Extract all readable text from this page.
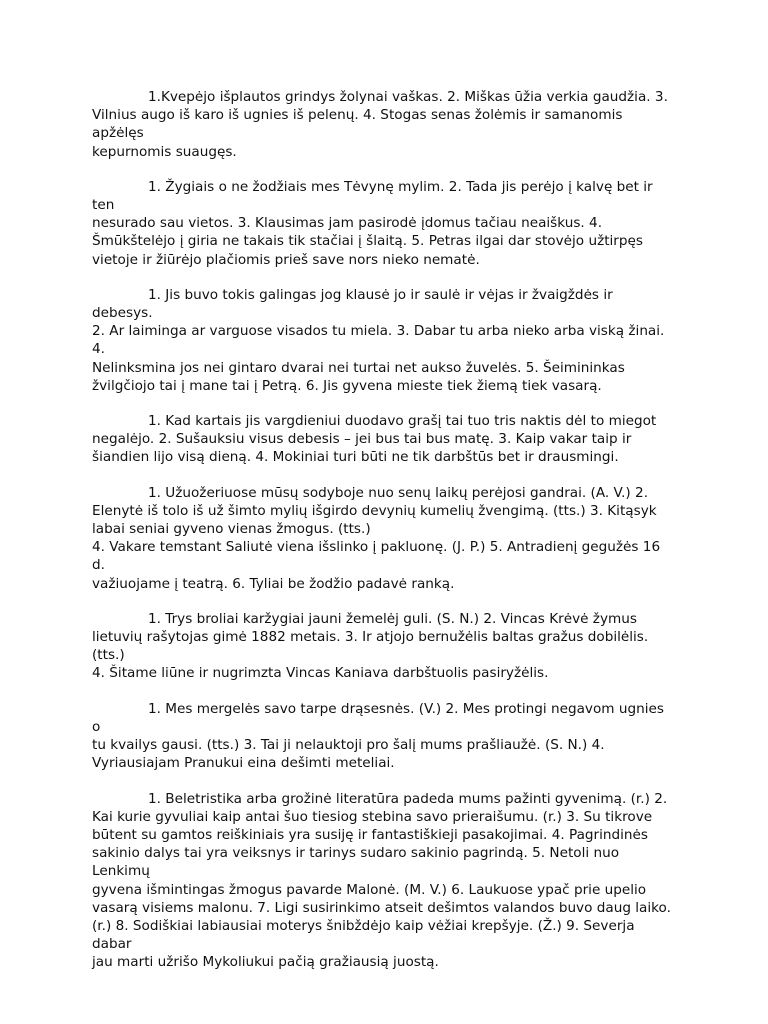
1.Kvepėjo išplautos grindys žolynai vaškas. 2. Miškas ūžia verkia gaudžia. 3.
Vilnius augo iš karo iš ugnies iš pelenų. 4. Stogas senas žolėmis ir samanomis apžėlęs
kepurnomis suaugęs.
1. Žygiais o ne žodžiais mes Tėvynę mylim. 2. Tada jis perėjo į kalvę bet ir ten
nesurado sau vietos. 3. Klausimas jam pasirodė įdomus tačiau neaiškus. 4.
Šmūkštelėjo į giria ne takais tik stačiai į šlaitą. 5. Petras ilgai dar stovėjo užtirpęs
vietoje ir žiūrėjo plačiomis prieš save nors nieko nematė.
1. Jis buvo tokis galingas jog klausė jo ir saulė ir vėjas ir žvaigždės ir debesys.
2. Ar laiminga ar varguose visados tu miela. 3. Dabar tu arba nieko arba viską žinai. 4.
Nelinksmina jos nei gintaro dvarai nei turtai net aukso žuvelės. 5. Šeimininkas
žvilgčiojo tai į mane tai į Petrą. 6. Jis gyvena mieste tiek žiemą tiek vasarą.
1. Kad kartais jis vargdieniui duodavo grašį tai tuo tris naktis dėl to miegot
negalėjo. 2. Sušauksiu visus debesis – jei bus tai bus matę. 3. Kaip vakar taip ir
šiandien lijo visą dieną. 4. Mokiniai turi būti ne tik darbštūs bet ir drausmingi.
1. Užuožeriuose mūsų sodyboje nuo senų laikų perėjosi gandrai. (A. V.) 2.
Elenytė iš tolo iš už šimto mylių išgirdo devynių kumelių žvengimą. (tts.) 3. Kitąsyk
labai seniai gyveno vienas žmogus. (tts.)
4. Vakare temstant Saliutė viena išslinko į pakluonę. (J. P.) 5. Antradienį gegužės 16 d.
važiuojame į teatrą. 6. Tyliai be žodžio padavė ranką.
1. Trys broliai karžygiai jauni žemelėj guli. (S. N.) 2. Vincas Krėvė žymus
lietuvių rašytojas gimė 1882 metais. 3. Ir atjojo bernužėlis baltas gražus dobilėlis. (tts.)
4. Šitame liūne ir nugrimzta Vincas Kaniava darbštuolis pasiryžėlis.
1. Mes mergelės savo tarpe drąsesnės. (V.) 2. Mes protingi negavom ugnies o
tu kvailys gausi. (tts.) 3. Tai ji nelauktoji pro šalį mums prašliaužė. (S. N.) 4.
Vyriausiajam Pranukui eina dešimti meteliai.
1. Beletristika arba grožinė literatūra padeda mums pažinti gyvenimą. (r.) 2.
Kai kurie gyvuliai kaip antai šuo tiesiog stebina savo prieraišumu. (r.) 3. Su tikrove
būtent su gamtos reiškiniais yra susiję ir fantastiškieji pasakojimai. 4. Pagrindinės
sakinio dalys tai yra veiksnys ir tarinys sudaro sakinio pagrindą. 5. Netoli nuo Lenkimų
gyvena išmintingas žmogus pavarde Malonė. (M. V.) 6. Laukuose ypač prie upelio
vasarą visiems malonu. 7. Ligi susirinkimo atseit dešimtos valandos buvo daug laiko.
(r.) 8. Sodiškiai labiausiai moterys šnibždėjo kaip vėžiai krepšyje. (Ž.) 9. Severja dabar
jau marti užrišo Mykoliukui pačią gražiausią juostą.
